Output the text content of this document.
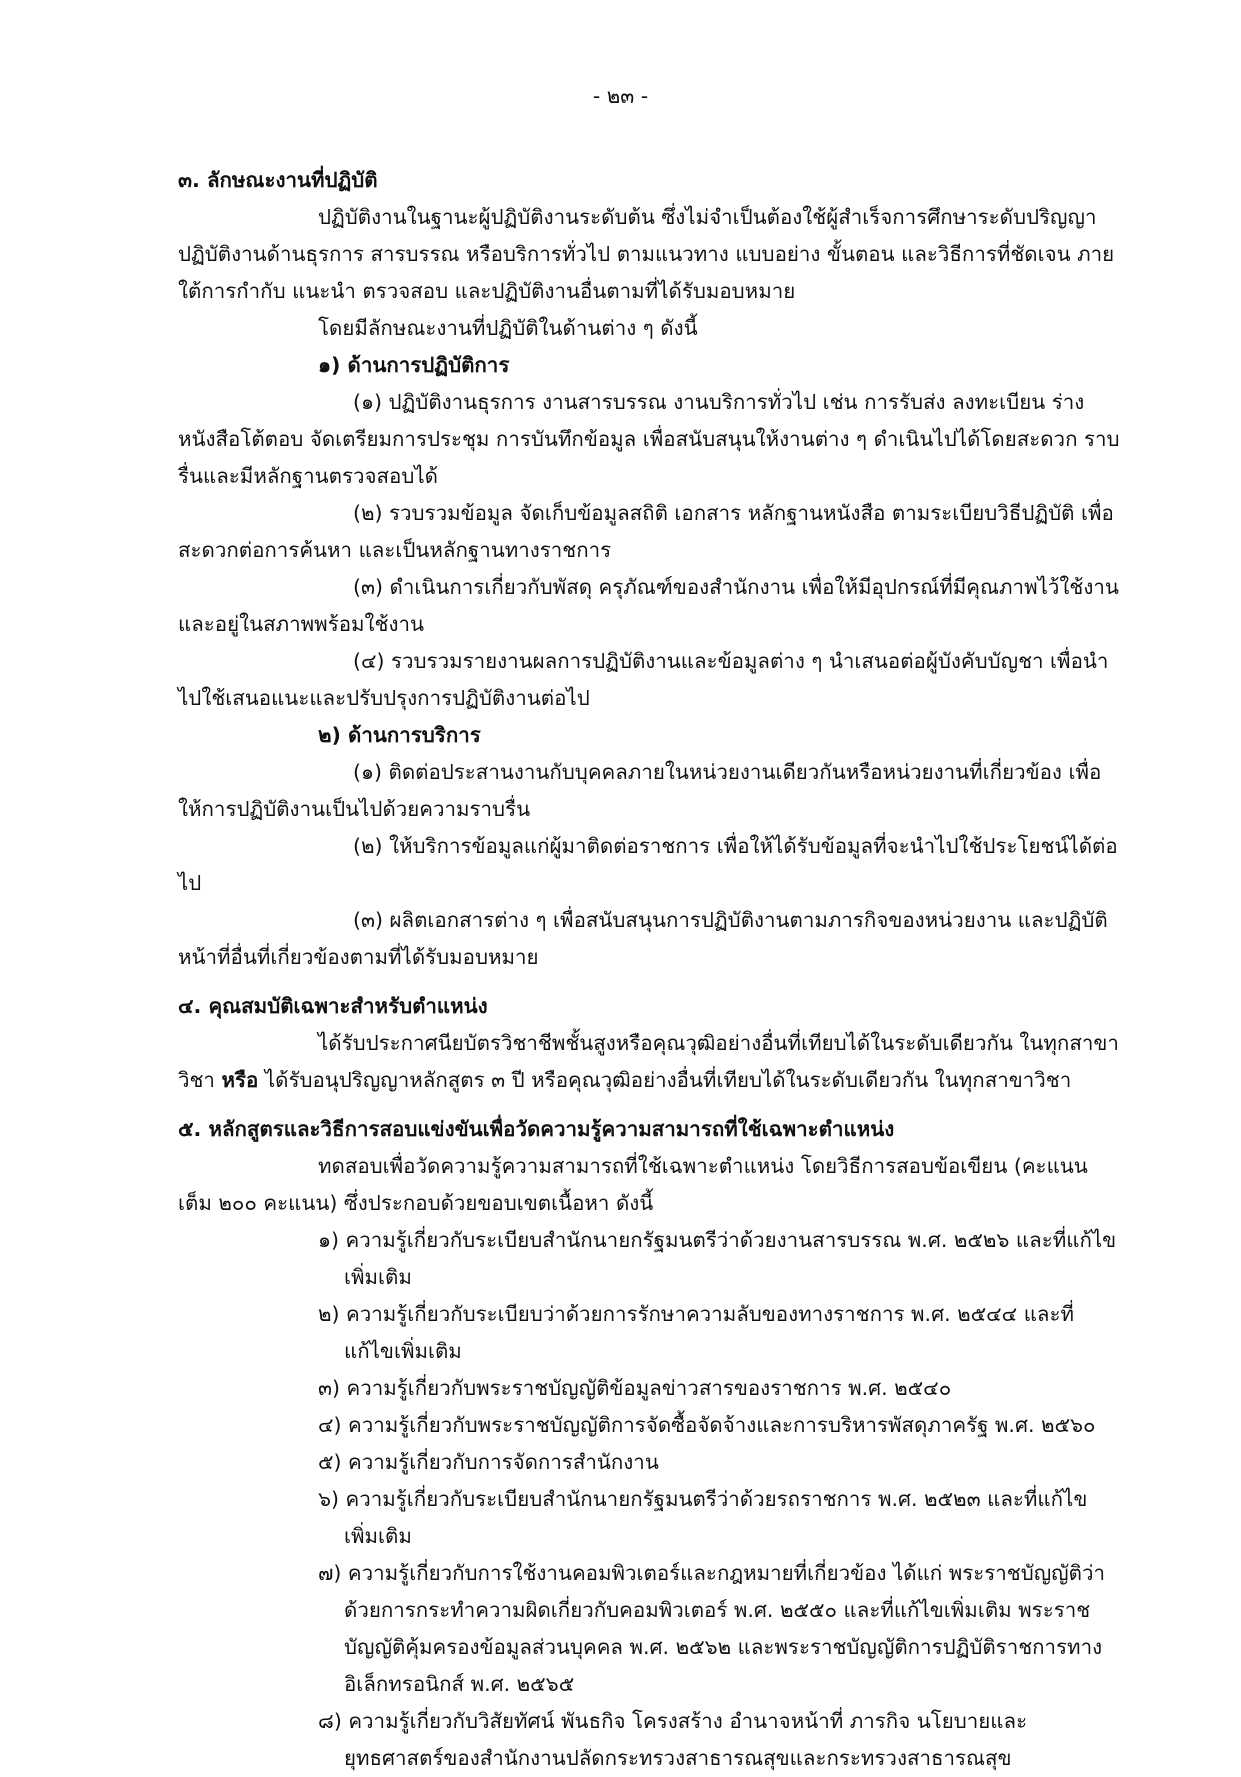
- ๒๓ -
๓. ลักษณะงานที่ปฏิบัติ

ปฏิบัติงานในฐานะผู้ปฏิบัติงานระดับต้น ซึ่งไม่จำเป็นต้องใช้ผู้สำเร็จการศึกษาระดับปริญญา ปฏิบัติงานด้านธุรการ สารบรรณ หรือบริการทั่วไป ตามแนวทาง แบบอย่าง ขั้นตอน และวิธีการที่ชัดเจน ภายใต้การกำกับ แนะนำ ตรวจสอบ และปฏิบัติงานอื่นตามที่ได้รับมอบหมาย

โดยมีลักษณะงานที่ปฏิบัติในด้านต่าง ๆ ดังนี้

๑) ด้านการปฏิบัติการ

(๑) ปฏิบัติงานธุรการ งานสารบรรณ งานบริการทั่วไป เช่น การรับส่ง ลงทะเบียน ร่างหนังสือโต้ตอบ จัดเตรียมการประชุม การบันทึกข้อมูล เพื่อสนับสนุนให้งานต่าง ๆ ดำเนินไปได้โดยสะดวก ราบรื่นและมีหลักฐานตรวจสอบได้

(๒) รวบรวมข้อมูล จัดเก็บข้อมูลสถิติ เอกสาร หลักฐานหนังสือ ตามระเบียบวิธีปฏิบัติ เพื่อสะดวกต่อการค้นหา และเป็นหลักฐานทางราชการ

(๓) ดำเนินการเกี่ยวกับพัสดุ ครุภัณฑ์ของสำนักงาน เพื่อให้มีอุปกรณ์ที่มีคุณภาพไว้ใช้งาน และอยู่ในสภาพพร้อมใช้งาน

(๔) รวบรวมรายงานผลการปฏิบัติงานและข้อมูลต่าง ๆ นำเสนอต่อผู้บังคับบัญชา เพื่อนำไปใช้เสนอแนะและปรับปรุงการปฏิบัติงานต่อไป

๒) ด้านการบริการ

(๑) ติดต่อประสานงานกับบุคคลภายในหน่วยงานเดียวกันหรือหน่วยงานที่เกี่ยวข้อง เพื่อให้การปฏิบัติงานเป็นไปด้วยความราบรื่น

(๒) ให้บริการข้อมูลแก่ผู้มาติดต่อราชการ เพื่อให้ได้รับข้อมูลที่จะนำไปใช้ประโยชน์ได้ต่อไป

(๓) ผลิตเอกสารต่าง ๆ เพื่อสนับสนุนการปฏิบัติงานตามภารกิจของหน่วยงาน และปฏิบัติหน้าที่อื่นที่เกี่ยวข้องตามที่ได้รับมอบหมาย

๔. คุณสมบัติเฉพาะสำหรับตำแหน่ง

ได้รับประกาศนียบัตรวิชาชีพชั้นสูงหรือคุณวุฒิอย่างอื่นที่เทียบได้ในระดับเดียวกัน ในทุกสาขาวิชา หรือ ได้รับอนุปริญญาหลักสูตร ๓ ปี หรือคุณวุฒิอย่างอื่นที่เทียบได้ในระดับเดียวกัน ในทุกสาขาวิชา

๕. หลักสูตรและวิธีการสอบแข่งขันเพื่อวัดความรู้ความสามารถที่ใช้เฉพาะตำแหน่ง

ทดสอบเพื่อวัดความรู้ความสามารถที่ใช้เฉพาะตำแหน่ง โดยวิธีการสอบข้อเขียน (คะแนนเต็ม ๒๐๐ คะแนน) ซึ่งประกอบด้วยขอบเขตเนื้อหา ดังนี้

๑) ความรู้เกี่ยวกับระเบียบสำนักนายกรัฐมนตรีว่าด้วยงานสารบรรณ พ.ศ. ๒๕๒๖ และที่แก้ไขเพิ่มเติม
๒) ความรู้เกี่ยวกับระเบียบว่าด้วยการรักษาความลับของทางราชการ พ.ศ. ๒๕๔๔ และที่แก้ไขเพิ่มเติม
๓) ความรู้เกี่ยวกับพระราชบัญญัติข้อมูลข่าวสารของราชการ พ.ศ. ๒๕๔๐
๔) ความรู้เกี่ยวกับพระราชบัญญัติการจัดซื้อจัดจ้างและการบริหารพัสดุภาครัฐ พ.ศ. ๒๕๖๐
๕) ความรู้เกี่ยวกับการจัดการสำนักงาน
๖) ความรู้เกี่ยวกับระเบียบสำนักนายกรัฐมนตรีว่าด้วยรถราชการ พ.ศ. ๒๕๒๓ และที่แก้ไขเพิ่มเติม
๗) ความรู้เกี่ยวกับการใช้งานคอมพิวเตอร์และกฎหมายที่เกี่ยวข้อง ได้แก่ พระราชบัญญัติว่าด้วยการกระทำความผิดเกี่ยวกับคอมพิวเตอร์ พ.ศ. ๒๕๕๐ และที่แก้ไขเพิ่มเติม พระราชบัญญัติคุ้มครองข้อมูลส่วนบุคคล พ.ศ. ๒๕๖๒ และพระราชบัญญัติการปฏิบัติราชการทางอิเล็กทรอนิกส์ พ.ศ. ๒๕๖๕
๘) ความรู้เกี่ยวกับวิสัยทัศน์ พันธกิจ โครงสร้าง อำนาจหน้าที่ ภารกิจ นโยบายและยุทธศาสตร์ของสำนักงานปลัดกระทรวงสาธารณสุขและกระทรวงสาธารณสุข
